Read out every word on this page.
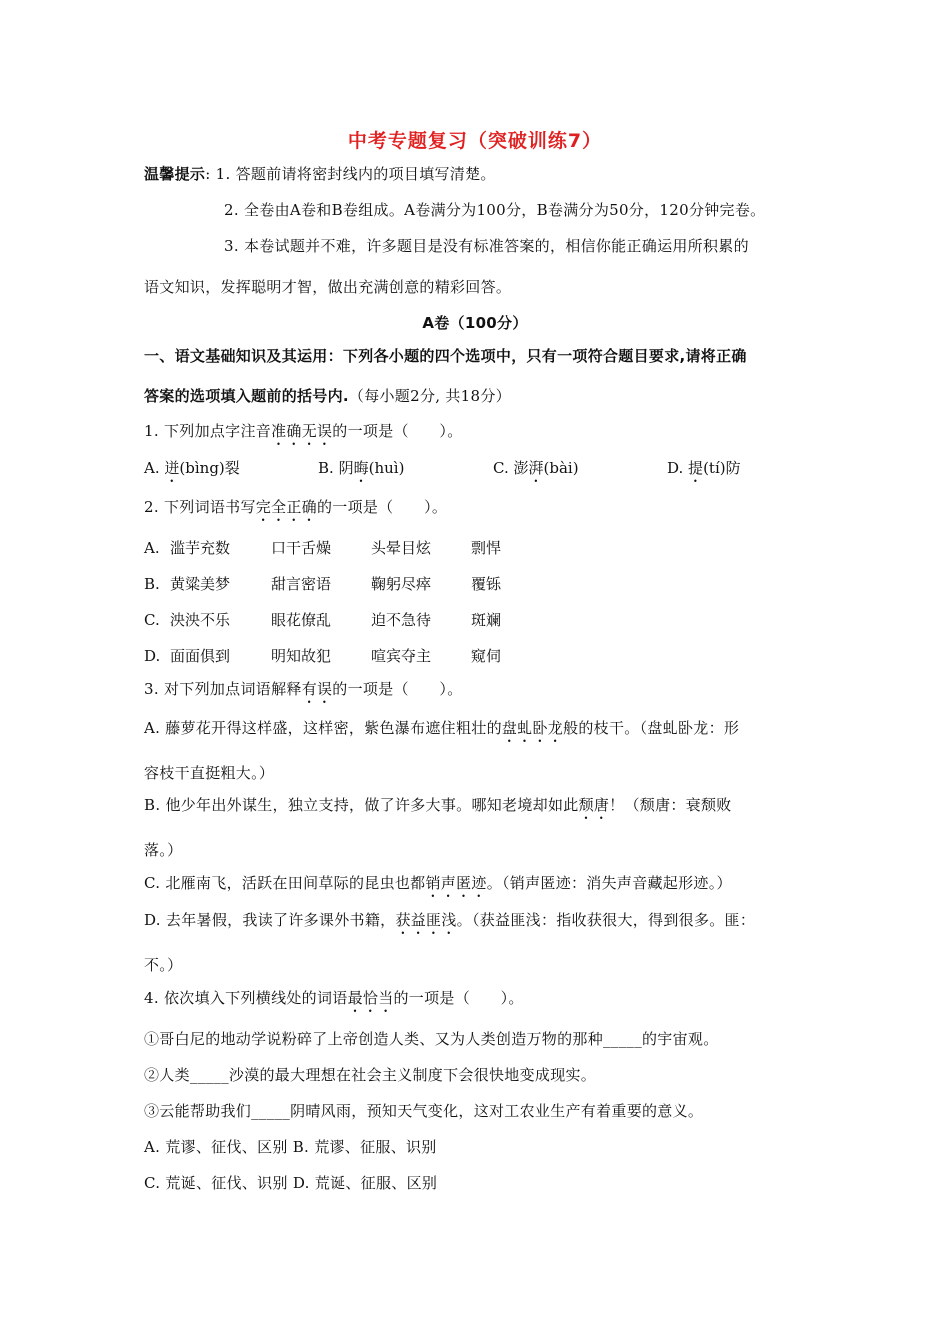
中考专题复习（突破训练7）
温馨提示: 1. 答题前请将密封线内的项目填写清楚。
2. 全卷由A卷和B卷组成。A卷满分为100分，B卷满分为50分，120分钟完卷。
3. 本卷试题并不难，许多题目是没有标准答案的，相信你能正确运用所积累的
语文知识，发挥聪明才智，做出充满创意的精彩回答。
A卷（100分）
一、语文基础知识及其运用：下列各小题的四个选项中，只有一项符合题目要求,请将正确
答案的选项填入题前的括号内.（每小题2分, 共18分）
1. 下列加点字注音准确无误的一项是（　　）。
A. 迸(bìng)裂	B. 阴晦(huì)	C. 澎湃(bài)	D. 提(tí)防
2. 下列词语书写完全正确的一项是（　　）。
A. 滥芋充数	口干舌燥	头晕目炫	剽悍
B. 黄粱美梦	甜言密语	鞠躬尽瘁	覆铄
C. 泱泱不乐	眼花僚乱	迫不急待	斑斓
D. 面面俱到	明知故犯	喧宾夺主	窥伺
3. 对下列加点词语解释有误的一项是（　　）。
A. 藤萝花开得这样盛，这样密，紫色瀑布遮住粗壮的盘虬卧龙般的枝干。（盘虬卧龙：形
容枝干直挺粗大。）
B. 他少年出外谋生，独立支持，做了许多大事。哪知老境却如此颓唐！（颓唐：衰颓败
落。）
C. 北雁南飞，活跃在田间草际的昆虫也都销声匿迹。（销声匿迹：消失声音藏起形迹。）
D. 去年暑假，我读了许多课外书籍，获益匪浅。（获益匪浅：指收获很大，得到很多。匪：
不。）
4. 依次填入下列横线处的词语最恰当的一项是（　　）。
①哥白尼的地动学说粉碎了上帝创造人类、又为人类创造万物的那种_____的宇宙观。
②人类_____沙漠的最大理想在社会主义制度下会很快地变成现实。
③云能帮助我们_____阴晴风雨，预知天气变化，这对工农业生产有着重要的意义。
A. 荒谬、征伐、区别 B. 荒谬、征服、识别
C. 荒诞、征伐、识别 D. 荒诞、征服、区别
